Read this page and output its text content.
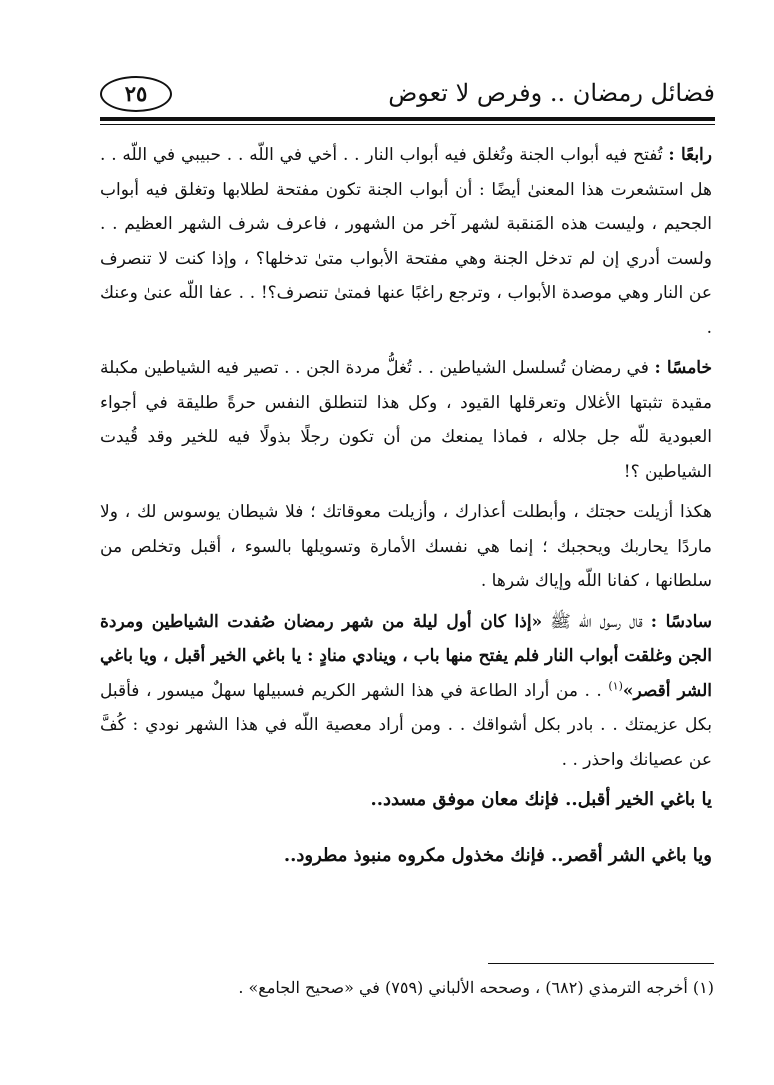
فضائل رمضان .. وفرص لا تعوض
٢٥

رابعًا : تُفتح فيه أبواب الجنة وتُغلق فيه أبواب النار . . أخي في اللّه . . حبيبي في اللّه . . هل استشعرت هذا المعنىٰ أيضًا : أن أبواب الجنة تكون مفتحة لطلابها وتغلق فيه أبواب الجحيم ، وليست هذه المَنقبة لشهر آخر من الشهور ، فاعرف شرف الشهر العظيم . . ولست أدري إن لم تدخل الجنة وهي مفتحة الأبواب متىٰ تدخلها؟ ، وإذا كنت لا تنصرف عن النار وهي موصدة الأبواب ، وترجع راغبًا عنها فمتىٰ تنصرف؟! . . عفا اللّه عنىٰ وعنك .

خامسًا : في رمضان تُسلسل الشياطين . . تُغلُّ مردة الجن . . تصير فيه الشياطين مكبلة مقيدة تثبتها الأغلال وتعرقلها القيود ، وكل هذا لتنطلق النفس حرةً طليقة في أجواء العبودية للّه جل جلاله ، فماذا يمنعك من أن تكون رجلًا بذولًا فيه للخير وقد قُيدت الشياطين ؟!

هكذا أزيلت حجتك ، وأبطلت أعذارك ، وأزيلت معوقاتك ؛ فلا شيطان يوسوس لك ، ولا ماردًا يحاربك ويحجبك ؛ إنما هي نفسك الأمارة وتسويلها بالسوء ، أقبل وتخلص من سلطانها ، كفانا اللّه وإياك شرها .

سادسًا : قال رسول اللّه ﷺ «إذا كان أول ليلة من شهر رمضان صُفدت الشياطين ومردة الجن وغلقت أبواب النار فلم يفتح منها باب ، وينادي منادٍ : يا باغي الخير أقبل ، ويا باغي الشر أقصر»$^{(١)}$ . . من أراد الطاعة في هذا الشهر الكريم فسبيلها سهلٌ ميسور ، فأقبل بكل عزيمتك . . بادر بكل أشواقك . . ومن أراد معصية اللّه في هذا الشهر نودي : كُفَّ عن عصيانك واحذر . .

يا باغي الخير أقبل.. فإنك معان موفق مسدد..

ويا باغي الشر أقصر.. فإنك مخذول مكروه منبوذ مطرود..

(١) أخرجه الترمذي (٦٨٢) ، وصححه الألباني (٧٥٩) في «صحيح الجامع» .
